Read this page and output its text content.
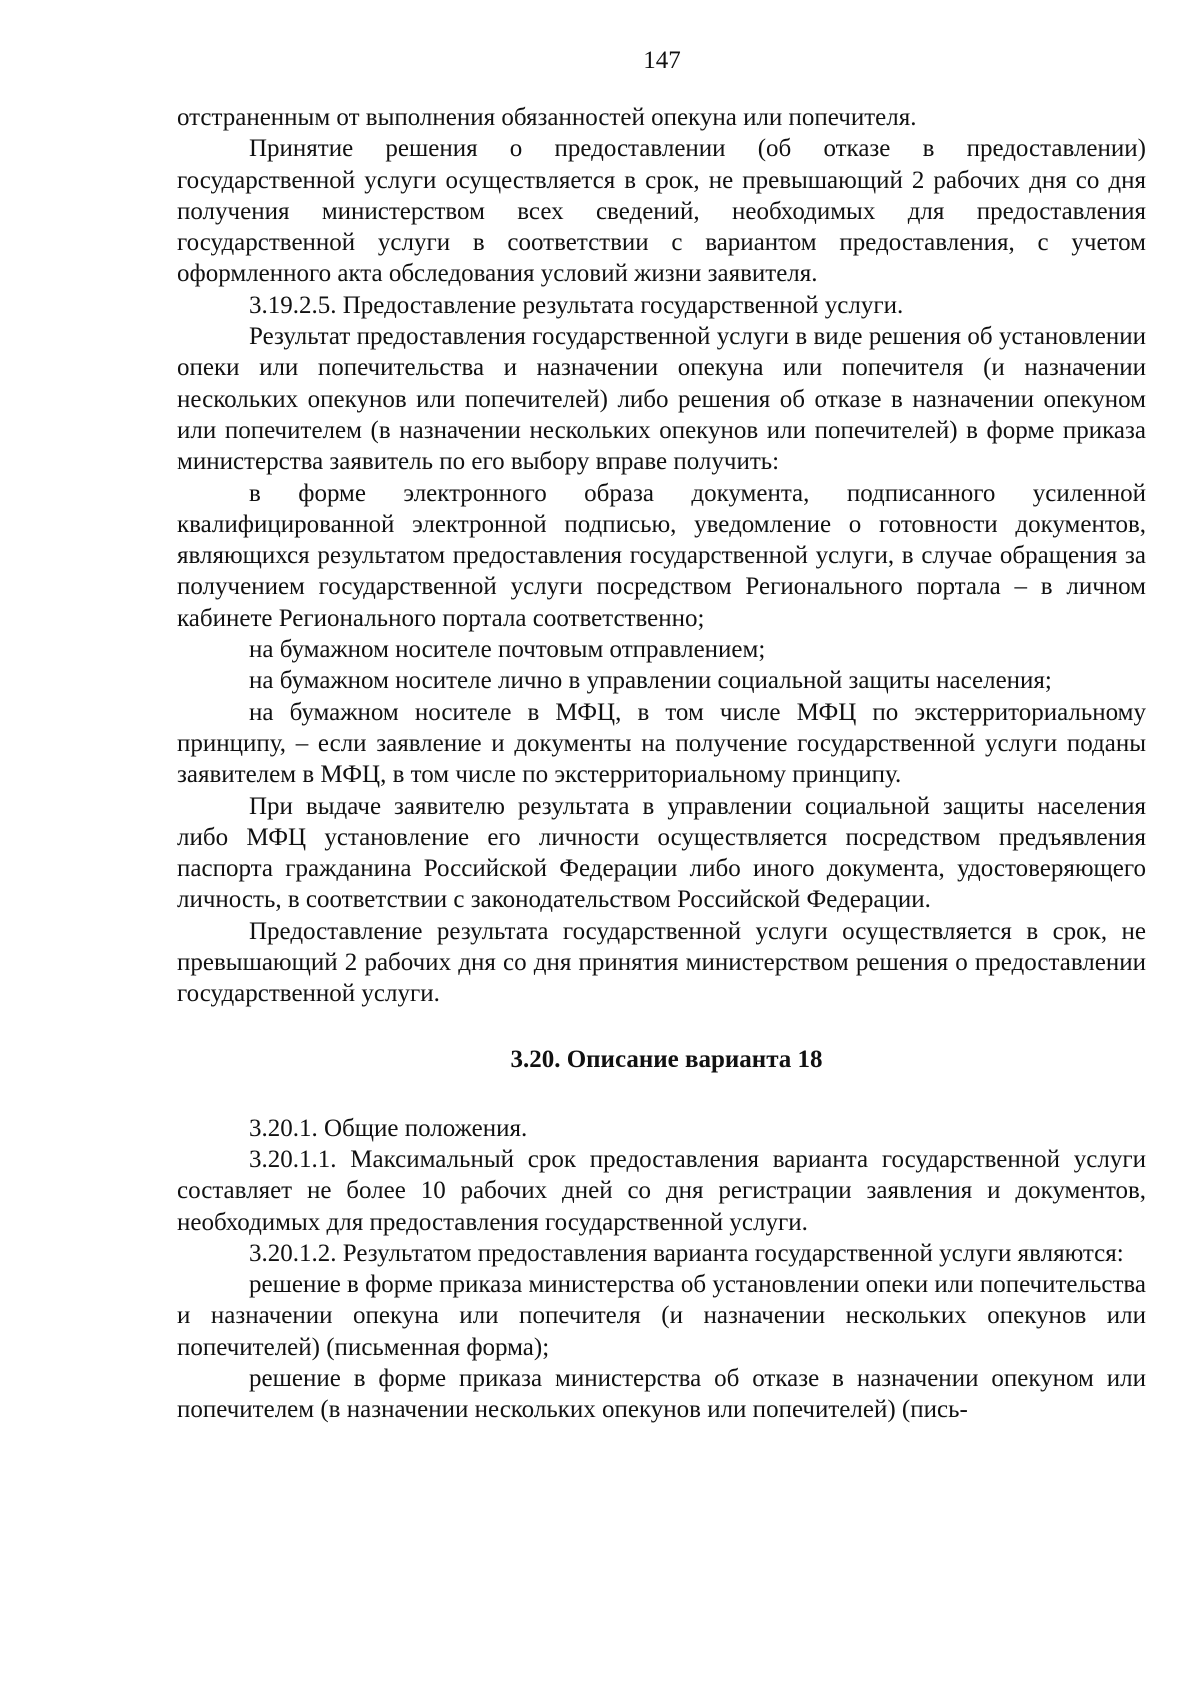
147

отстраненным от выполнения обязанностей опекуна или попечителя.

Принятие решения о предоставлении (об отказе в предоставлении) государственной услуги осуществляется в срок, не превышающий 2 рабочих дня со дня получения министерством всех сведений, необходимых для предоставления государственной услуги в соответствии с вариантом предоставления, с учетом оформленного акта обследования условий жизни заявителя.

3.19.2.5. Предоставление результата государственной услуги.

Результат предоставления государственной услуги в виде решения об установлении опеки или попечительства и назначении опекуна или попечителя (и назначении нескольких опекунов или попечителей) либо решения об отказе в назначении опекуном или попечителем (в назначении нескольких опекунов или попечителей) в форме приказа министерства заявитель по его выбору вправе получить:

в форме электронного образа документа, подписанного усиленной квалифицированной электронной подписью, уведомление о готовности документов, являющихся результатом предоставления государственной услуги, в случае обращения за получением государственной услуги посредством Регионального портала – в личном кабинете Регионального портала соответственно;

на бумажном носителе почтовым отправлением;

на бумажном носителе лично в управлении социальной защиты населения;

на бумажном носителе в МФЦ, в том числе МФЦ по экстерриториальному принципу, – если заявление и документы на получение государственной услуги поданы заявителем в МФЦ, в том числе по экстерриториальному принципу.

При выдаче заявителю результата в управлении социальной защиты населения либо МФЦ установление его личности осуществляется посредством предъявления паспорта гражданина Российской Федерации либо иного документа, удостоверяющего личность, в соответствии с законодательством Российской Федерации.

Предоставление результата государственной услуги осуществляется в срок, не превышающий 2 рабочих дня со дня принятия министерством решения о предоставлении государственной услуги.

3.20. Описание варианта 18

3.20.1. Общие положения.

3.20.1.1. Максимальный срок предоставления варианта государственной услуги составляет не более 10 рабочих дней со дня регистрации заявления и документов, необходимых для предоставления государственной услуги.

3.20.1.2. Результатом предоставления варианта государственной услуги являются:

решение в форме приказа министерства об установлении опеки или попечительства и назначении опекуна или попечителя (и назначении нескольких опекунов или попечителей) (письменная форма);

решение в форме приказа министерства об отказе в назначении опекуном или попечителем (в назначении нескольких опекунов или попечителей) (пись-
